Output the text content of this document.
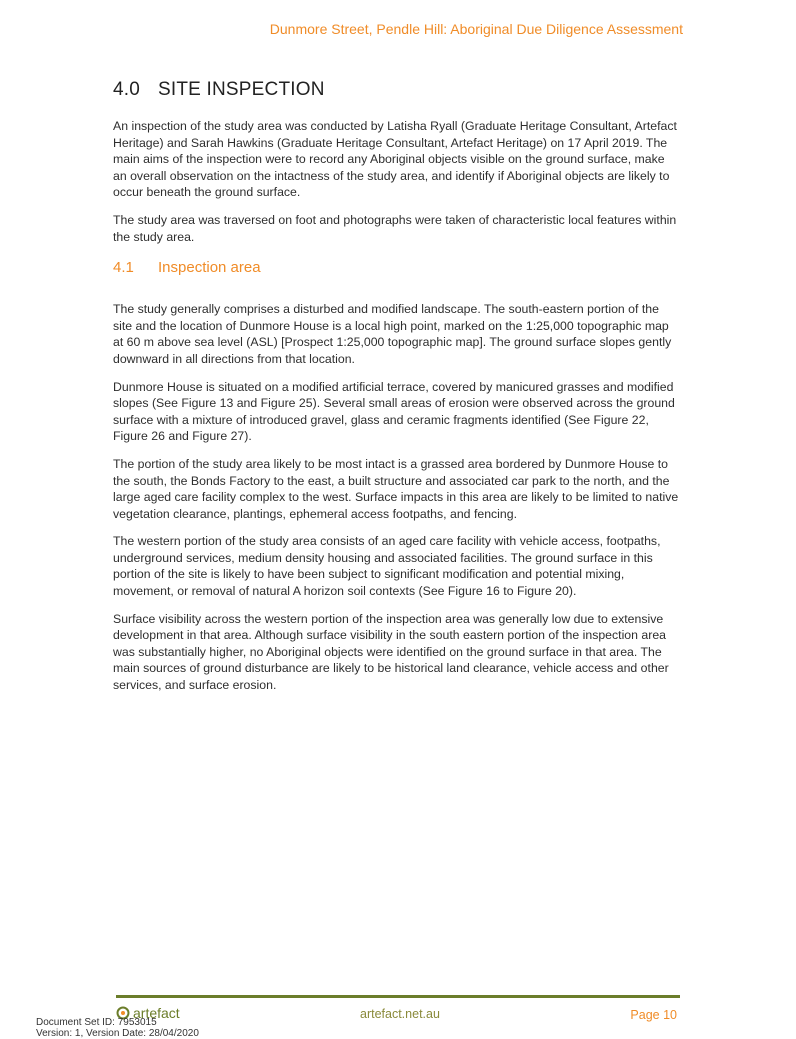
Dunmore Street, Pendle Hill: Aboriginal Due Diligence Assessment
4.0 SITE INSPECTION

An inspection of the study area was conducted by Latisha Ryall (Graduate Heritage Consultant, Artefact Heritage) and Sarah Hawkins (Graduate Heritage Consultant, Artefact Heritage) on 17 April 2019. The main aims of the inspection were to record any Aboriginal objects visible on the ground surface, make an overall observation on the intactness of the study area, and identify if Aboriginal objects are likely to occur beneath the ground surface.

The study area was traversed on foot and photographs were taken of characteristic local features within the study area.

4.1 Inspection area

The study generally comprises a disturbed and modified landscape. The south-eastern portion of the site and the location of Dunmore House is a local high point, marked on the 1:25,000 topographic map at 60 m above sea level (ASL) [Prospect 1:25,000 topographic map]. The ground surface slopes gently downward in all directions from that location.

Dunmore House is situated on a modified artificial terrace, covered by manicured grasses and modified slopes (See Figure 13 and Figure 25). Several small areas of erosion were observed across the ground surface with a mixture of introduced gravel, glass and ceramic fragments identified (See Figure 22, Figure 26 and Figure 27).

The portion of the study area likely to be most intact is a grassed area bordered by Dunmore House to the south, the Bonds Factory to the east, a built structure and associated car park to the north, and the large aged care facility complex to the west. Surface impacts in this area are likely to be limited to native vegetation clearance, plantings, ephemeral access footpaths, and fencing.

The western portion of the study area consists of an aged care facility with vehicle access, footpaths, underground services, medium density housing and associated facilities. The ground surface in this portion of the site is likely to have been subject to significant modification and potential mixing, movement, or removal of natural A horizon soil contexts (See Figure 16 to Figure 20).

Surface visibility across the western portion of the inspection area was generally low due to extensive development in that area. Although surface visibility in the south eastern portion of the inspection area was substantially higher, no Aboriginal objects were identified on the ground surface in that area. The main sources of ground disturbance are likely to be historical land clearance, vehicle access and other services, and surface erosion.

artefact	artefact.net.au	Page 10
Document Set ID: 7953015
Version: 1, Version Date: 28/04/2020
